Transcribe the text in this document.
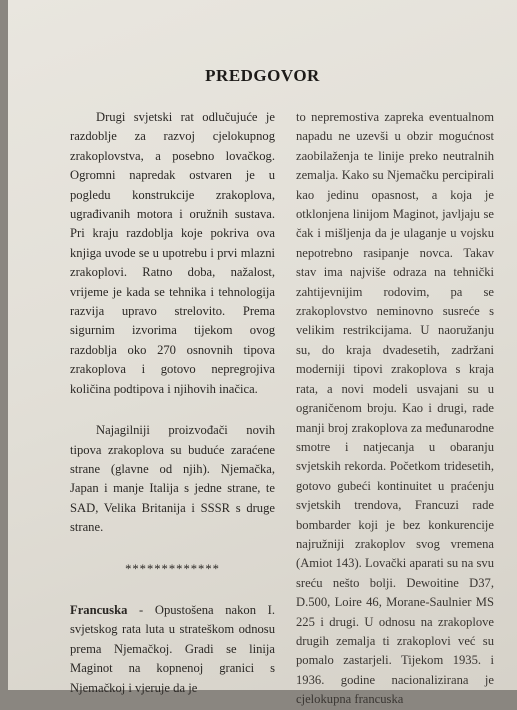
PREDGOVOR

Drugi svjetski rat odlučujuće je razdoblje za razvoj cjelokupnog zrakoplovstva, a posebno lovačkog. Ogromni napredak ostvaren je u pogledu konstrukcije zrakoplova, ugrađivanih motora i oružnih sustava. Pri kraju razdoblja koje pokriva ova knjiga uvode se u upotrebu i prvi mlazni zrakoplovi. Ratno doba, nažalost, vrijeme je kada se tehnika i tehnologija razvija upravo strelovito. Prema sigurnim izvorima tijekom ovog razdoblja oko 270 osnovnih tipova zrakoplova i gotovo nepregrojiva količina podtipova i njihovih inačica.

Najagilniji proizvođači novih tipova zrakoplova su buduće zaraćene strane (glavne od njih). Njemačka, Japan i manje Italija s jedne strane, te SAD, Velika Britanija i SSSR s druge strane.

*************

Francuska - Opustošena nakon I. svjetskog rata luta u strateškom odnosu prema Njemačkoj. Gradi se linija Maginot na kopnenoj granici s Njemačkoj i vjeruje da je

to nepremostiva zapreka eventualnom napadu ne uzevši u obzir mogućnost zaobilaženja te linije preko neutralnih zemalja. Kako su Njemačku percipirali kao jedinu opasnost, a koja je otklonjena linijom Maginot, javljaju se čak i mišljenja da je ulaganje u vojsku nepotrebno rasipanje novca. Takav stav ima najviše odraza na tehnički zahtijevnijim rodovim, pa se zrakoplovstvo neminovno susreće s velikim restrikcijama. U naoružanju su, do kraja dvadesetih, zadržani moderniji tipovi zrakoplova s kraja rata, a novi modeli usvajani su u ograničenom broju. Kao i drugi, rade manji broj zrakoplova za međunarodne smotre i natjecanja u obaranju svjetskih rekorda. Početkom tridesetih, gotovo gubeći kontinuitet u praćenju svjetskih trendova, Francuzi rade bombarder koji je bez konkurencije najružniji zrakoplov svog vremena (Amiot 143). Lovački aparati su na svu sreću nešto bolji. Dewoitine D37, D.500, Loire 46, Morane-Saulnier MS 225 i drugi. U odnosu na zrakoplove drugih zemalja ti zrakoplovi već su pomalo zastarjeli. Tijekom 1935. i 1936. godine nacionalizirana je cjelokupna francuska
